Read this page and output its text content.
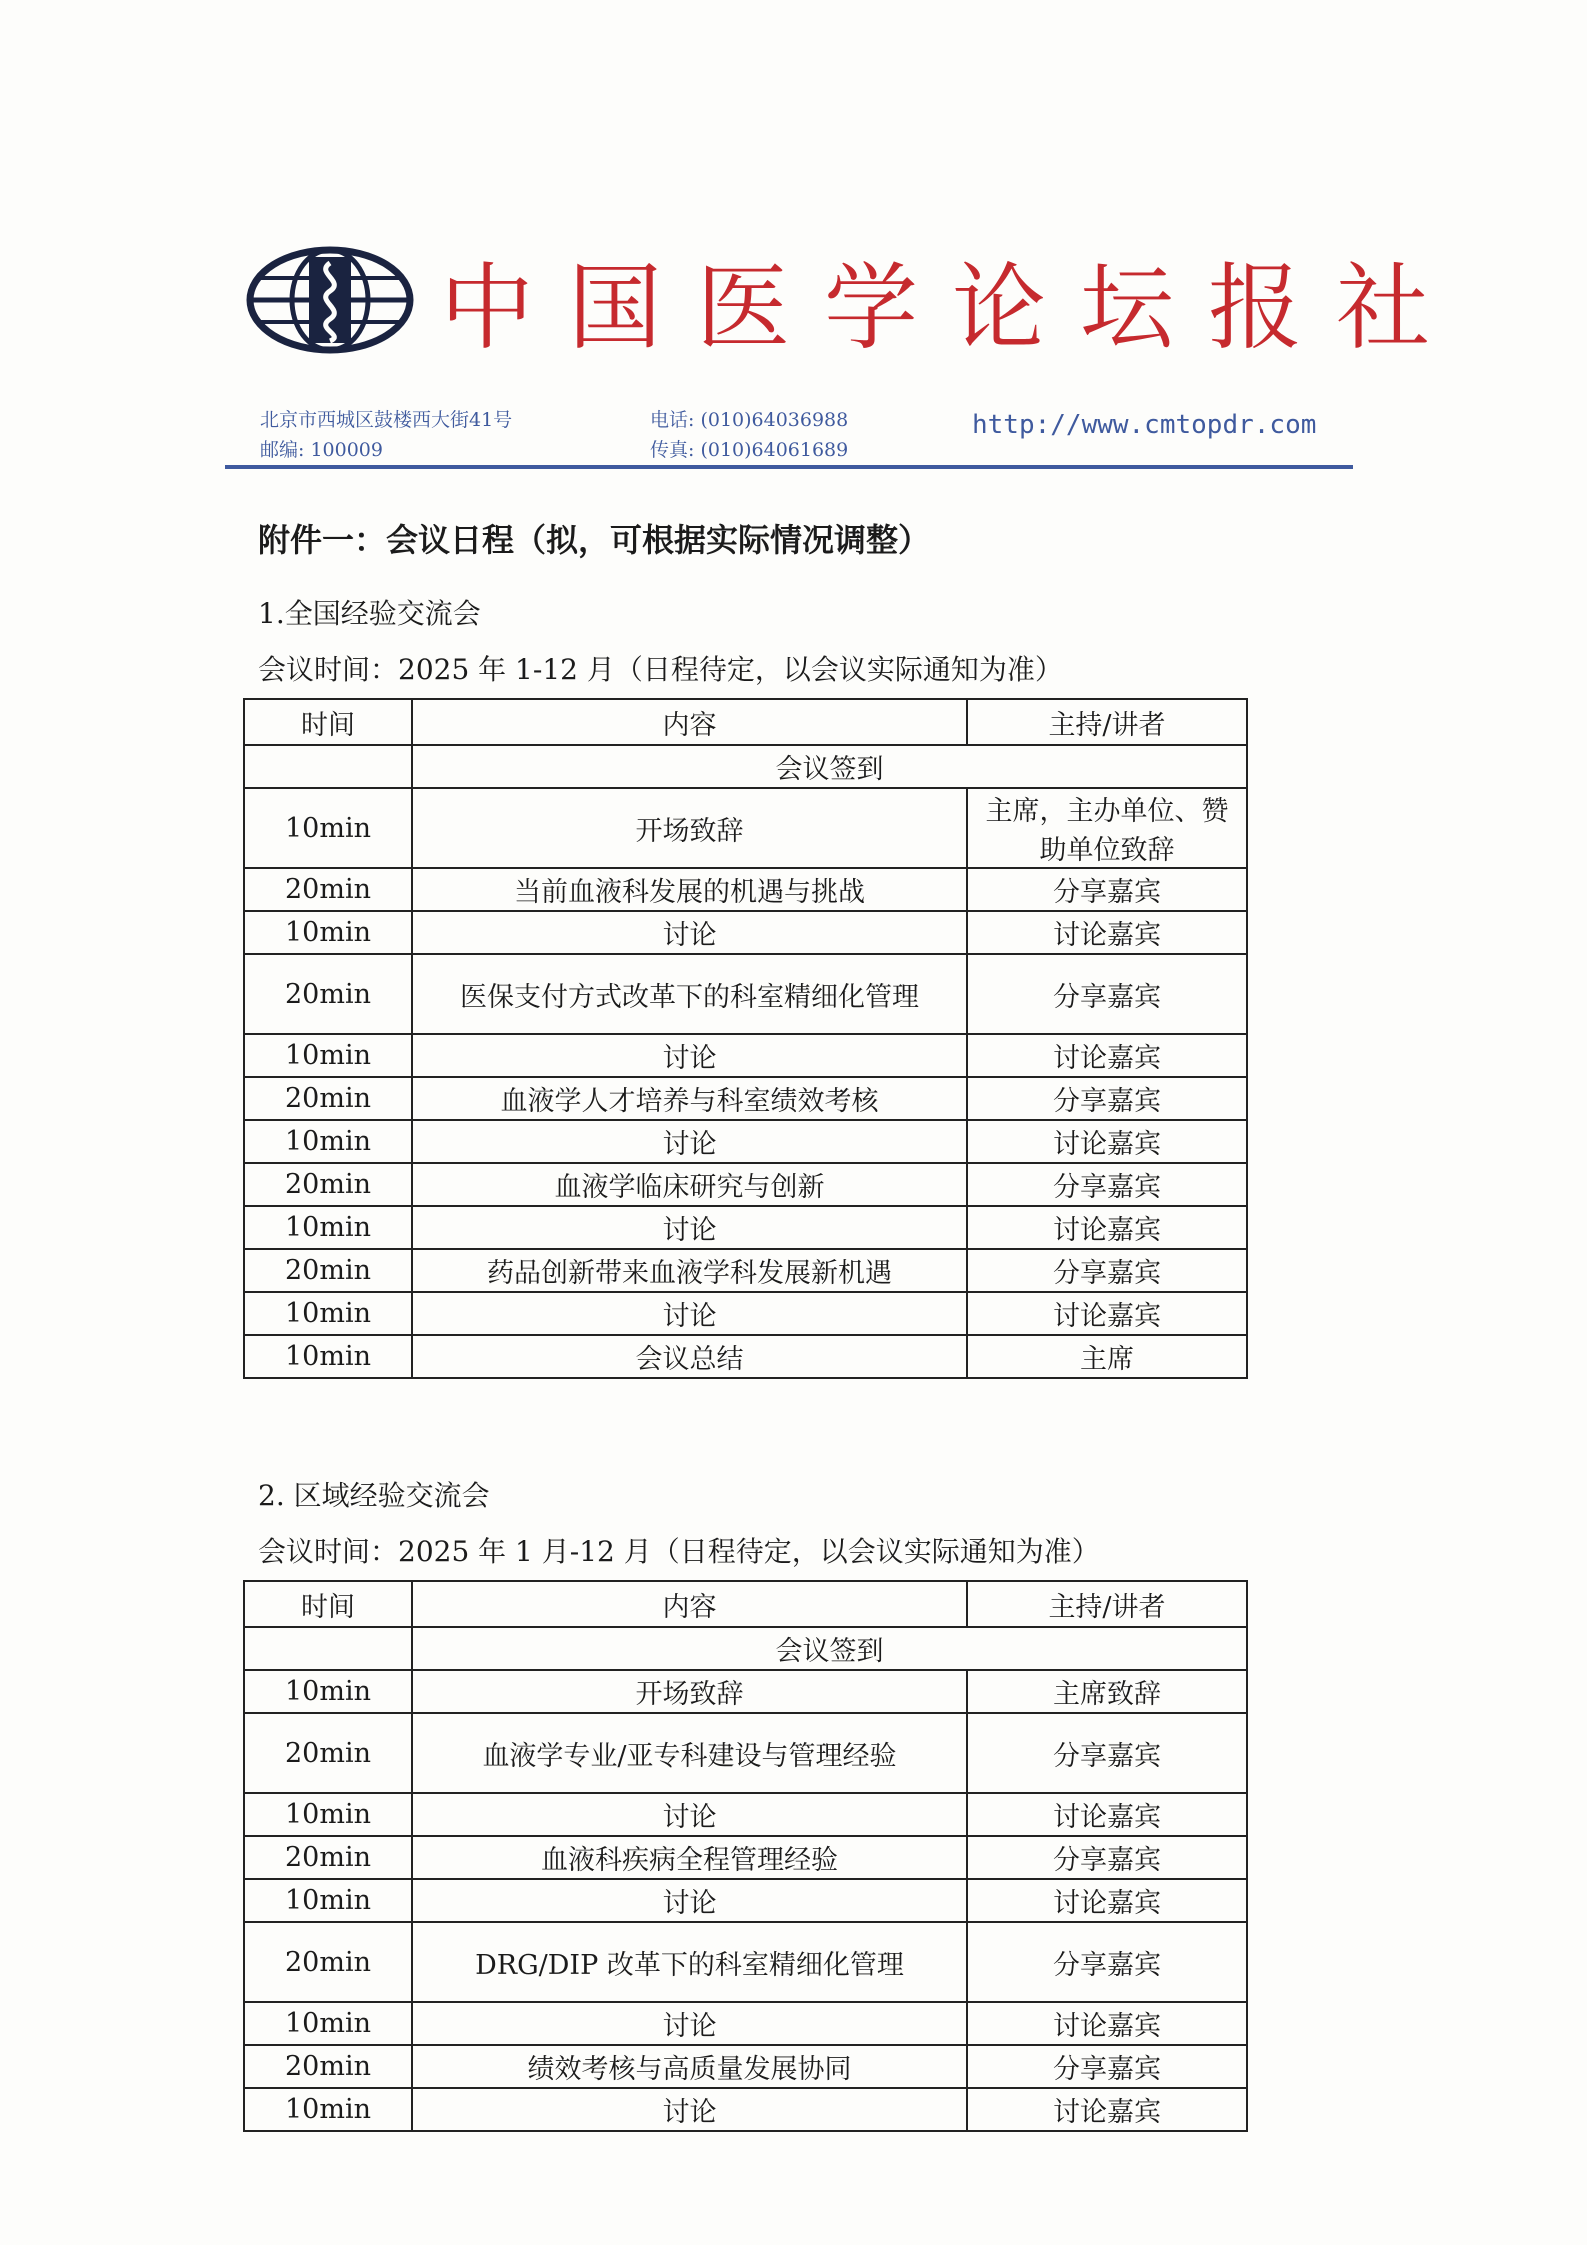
中国医学论坛报社
北京市西城区鼓楼西大街41号
邮编: 100009
电话: (010)64036988
传真: (010)64061689
http://www.cmtopdr.com
附件一：会议日程（拟，可根据实际情况调整）
1.全国经验交流会
会议时间：2025 年 1-12 月（日程待定，以会议实际通知为准）
时间	内容	主持/讲者
	会议签到	
10min	开场致辞	主席，主办单位、赞助单位致辞
20min	当前血液科发展的机遇与挑战	分享嘉宾
10min	讨论	讨论嘉宾
20min	医保支付方式改革下的科室精细化管理	分享嘉宾
10min	讨论	讨论嘉宾
20min	血液学人才培养与科室绩效考核	分享嘉宾
10min	讨论	讨论嘉宾
20min	血液学临床研究与创新	分享嘉宾
10min	讨论	讨论嘉宾
20min	药品创新带来血液学科发展新机遇	分享嘉宾
10min	讨论	讨论嘉宾
10min	会议总结	主席
2. 区域经验交流会
会议时间：2025 年 1 月-12 月（日程待定，以会议实际通知为准）
时间	内容	主持/讲者
	会议签到	
10min	开场致辞	主席致辞
20min	血液学专业/亚专科建设与管理经验	分享嘉宾
10min	讨论	讨论嘉宾
20min	血液科疾病全程管理经验	分享嘉宾
10min	讨论	讨论嘉宾
20min	DRG/DIP 改革下的科室精细化管理	分享嘉宾
10min	讨论	讨论嘉宾
20min	绩效考核与高质量发展协同	分享嘉宾
10min	讨论	讨论嘉宾
